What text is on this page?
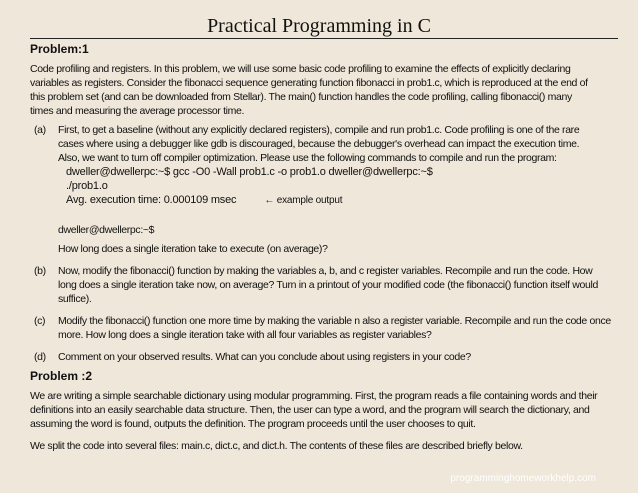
Practical Programming in C

Problem:1

Code profiling and registers. In this problem, we will use some basic code profiling to examine the effects of explicitly declaring

variables as registers. Consider the fibonacci sequence generating function fibonacci in prob1.c, which is reproduced at the end of

this problem set (and can be downloaded from Stellar). The main() function handles the code profiling, calling fibonacci() many

times and measuring the average processor time.

(a) First, to get a baseline (without any explicitly declared registers), compile and run prob1.c. Code profiling is one of the rare

cases where using a debugger like gdb is discouraged, because the debugger's overhead can impact the execution time.

Also, we want to turn off compiler optimization. Please use the following commands to compile and run the program:

dweller@dwellerpc:~$ gcc -O0 -Wall prob1.c -o prob1.o dweller@dwellerpc:~$

./prob1.o

Avg. execution time: 0.000109 msec	← example output

dweller@dwellerpc:~$

How long does a single iteration take to execute (on average)?

(b) Now, modify the fibonacci() function by making the variables a, b, and c register variables. Recompile and run the code. How

long does a single iteration take now, on average? Turn in a printout of your modified code (the fibonacci() function itself would

suffice).

(c) Modify the fibonacci() function one more time by making the variable n also a register variable. Recompile and run the code once

more. How long does a single iteration take with all four variables as register variables?

(d) Comment on your observed results. What can you conclude about using registers in your code?

Problem :2

We are writing a simple searchable dictionary using modular programming. First, the program reads a file containing words and their

definitions into an easily searchable data structure. Then, the user can type a word, and the program will search the dictionary, and

assuming the word is found, outputs the definition. The program proceeds until the user chooses to quit.

We split the code into several files: main.c, dict.c, and dict.h. The contents of these files are described briefly below.

programminghomeworkhelp.com
